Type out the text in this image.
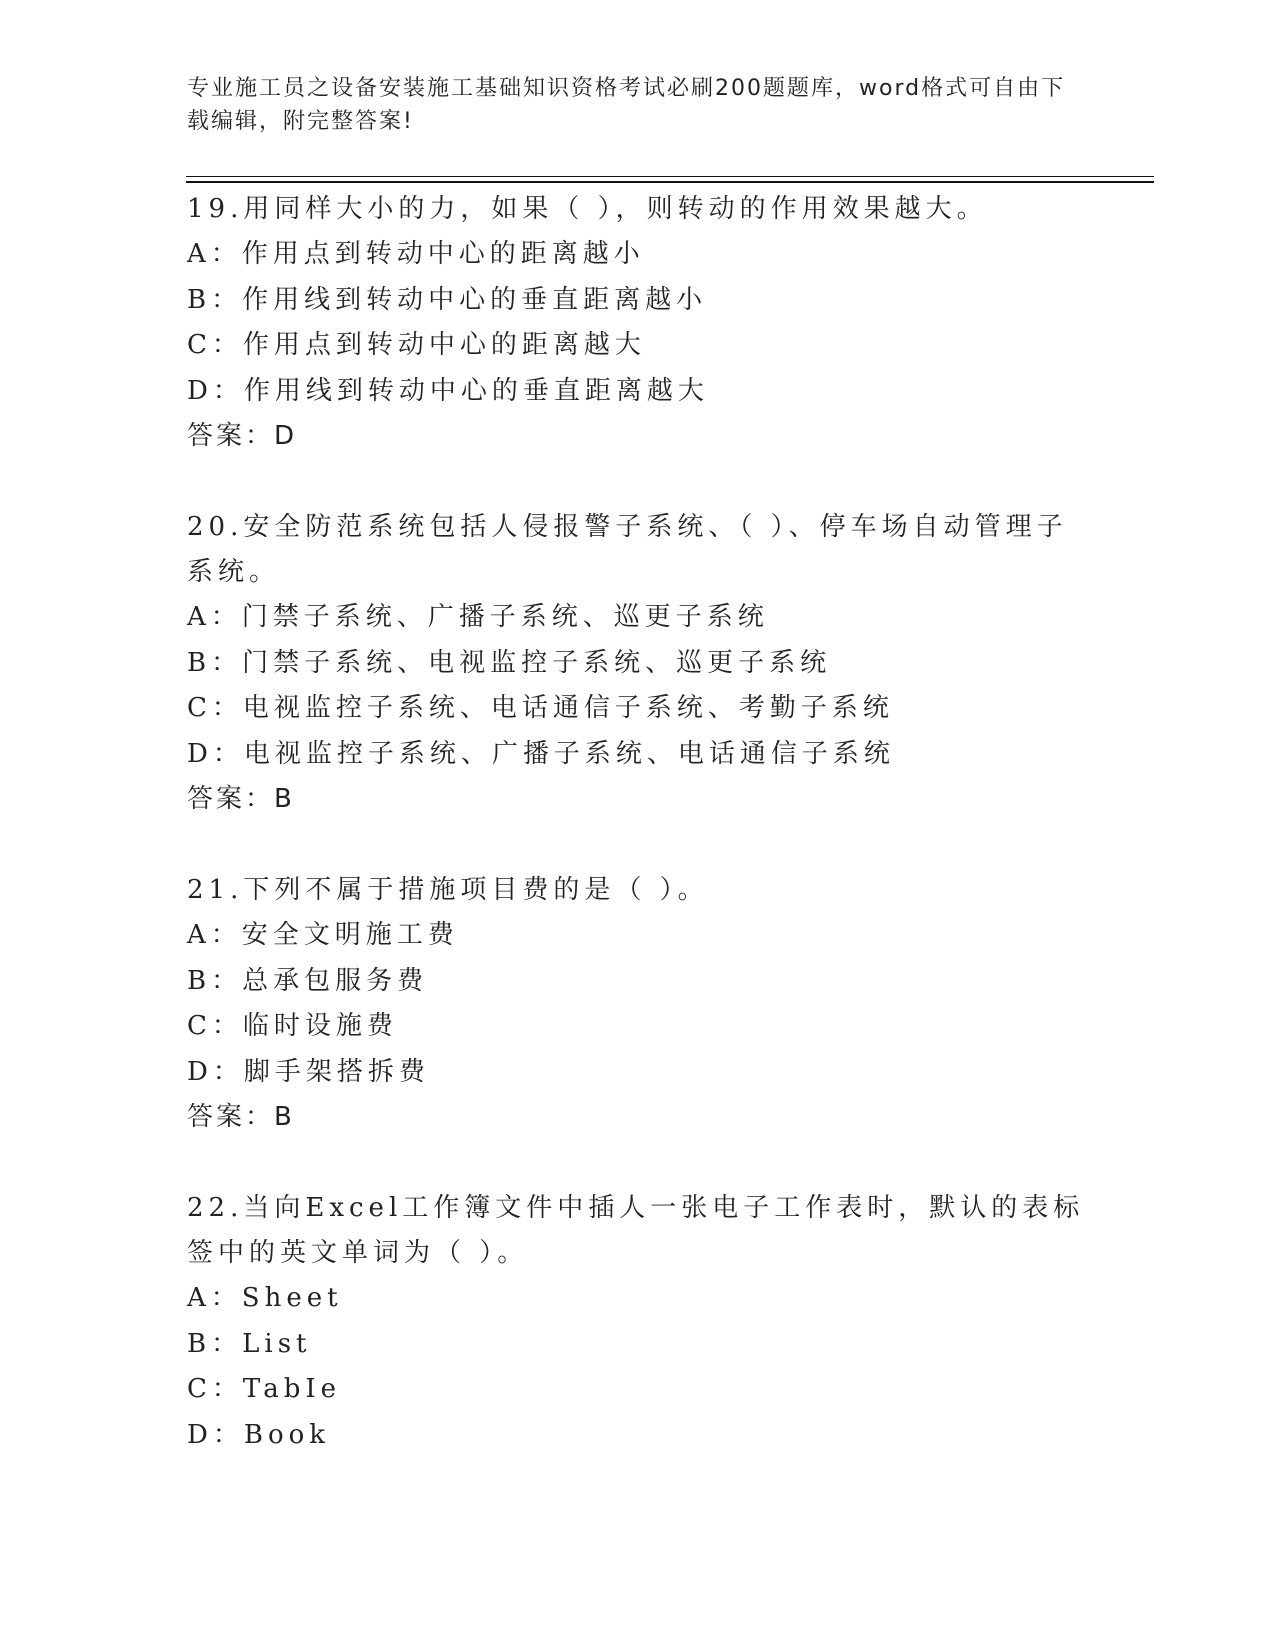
专业施工员之设备安装施工基础知识资格考试必刷200题题库，word格式可自由下载编辑，附完整答案!
19.用同样大小的力，如果（ ），则转动的作用效果越大。
A：作用点到转动中心的距离越小
B：作用线到转动中心的垂直距离越小
C：作用点到转动中心的距离越大
D：作用线到转动中心的垂直距离越大
答案：D
20.安全防范系统包括人侵报警子系统、（ ）、停车场自动管理子系统。
A：门禁子系统、广播子系统、巡更子系统
B：门禁子系统、电视监控子系统、巡更子系统
C：电视监控子系统、电话通信子系统、考勤子系统
D：电视监控子系统、广播子系统、电话通信子系统
答案：B
21.下列不属于措施项目费的是（ ）。
A：安全文明施工费
B：总承包服务费
C：临时设施费
D：脚手架搭拆费
答案：B
22.当向Excel工作簿文件中插人一张电子工作表时，默认的表标签中的英文单词为（ ）。
A：Sheet
B：List
C：TabIe
D：Book
